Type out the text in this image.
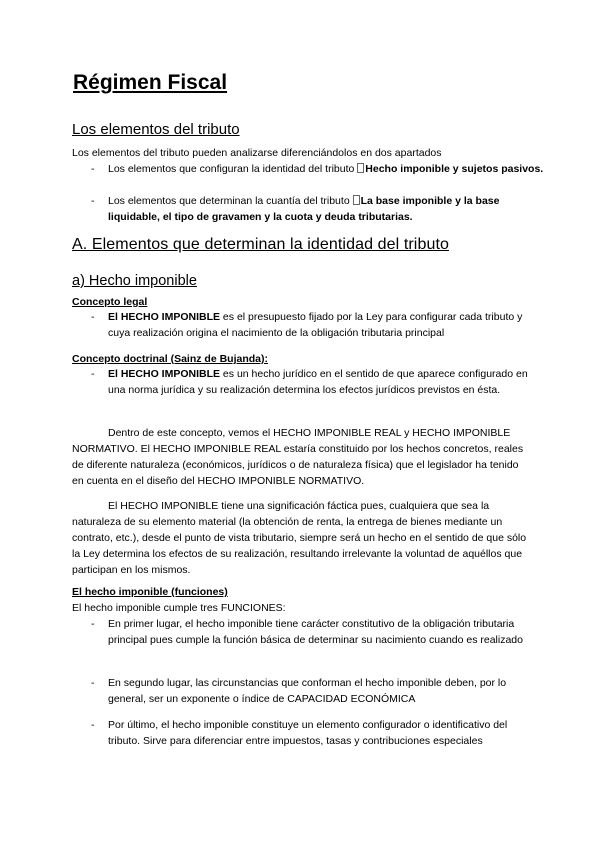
Régimen Fiscal
Los elementos del tributo
Los elementos del tributo pueden analizarse diferenciándolos en dos apartados
- Los elementos que configuran la identidad del tributo Hecho imponible y sujetos pasivos.
- Los elementos que determinan la cuantía del tributo La base imponible y la base liquidable, el tipo de gravamen y la cuota y deuda tributarias.
A. Elementos que determinan la identidad del tributo
a) Hecho imponible
Concepto legal
- El HECHO IMPONIBLE es el presupuesto fijado por la Ley para configurar cada tributo y cuya realización origina el nacimiento de la obligación tributaria principal
Concepto doctrinal (Sainz de Bujanda):
- El HECHO IMPONIBLE es un hecho jurídico en el sentido de que aparece configurado en una norma jurídica y su realización determina los efectos jurídicos previstos en ésta.
Dentro de este concepto, vemos el HECHO IMPONIBLE REAL y HECHO IMPONIBLE NORMATIVO. El HECHO IMPONIBLE REAL estaría constituido por los hechos concretos, reales de diferente naturaleza (económicos, jurídicos o de naturaleza física) que el legislador ha tenido en cuenta en el diseño del HECHO IMPONIBLE NORMATIVO.
El HECHO IMPONIBLE tiene una significación fáctica pues, cualquiera que sea la naturaleza de su elemento material (la obtención de renta, la entrega de bienes mediante un contrato, etc.), desde el punto de vista tributario, siempre será un hecho en el sentido de que sólo la Ley determina los efectos de su realización, resultando irrelevante la voluntad de aquéllos que participan en los mismos.
El hecho imponible (funciones)
El hecho imponible cumple tres FUNCIONES:
- En primer lugar, el hecho imponible tiene carácter constitutivo de la obligación tributaria principal pues cumple la función básica de determinar su nacimiento cuando es realizado
- En segundo lugar, las circunstancias que conforman el hecho imponible deben, por lo general, ser un exponente o índice de CAPACIDAD ECONÓMICA
- Por último, el hecho imponible constituye un elemento configurador o identificativo del tributo. Sirve para diferenciar entre impuestos, tasas y contribuciones especiales
